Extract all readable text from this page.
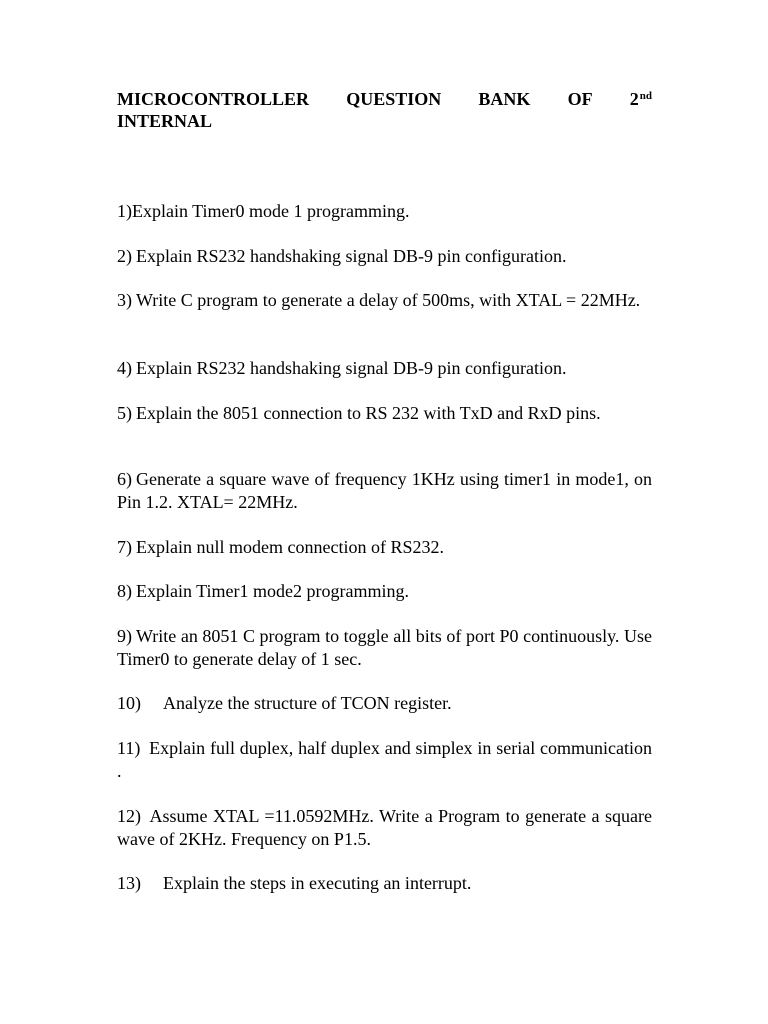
MICROCONTROLLER QUESTION BANK OF 2nd
INTERNAL

1)Explain Timer0 mode 1 programming.

2) Explain RS232 handshaking signal DB-9 pin configuration.

3) Write C program to generate a delay of 500ms, with XTAL = 22MHz.

4) Explain RS232 handshaking signal DB-9 pin configuration.

5) Explain the 8051 connection to RS 232 with TxD and RxD pins.

6) Generate a square wave of frequency 1KHz using timer1 in mode1, on Pin 1.2. XTAL= 22MHz.

7) Explain null modem connection of RS232.

8) Explain Timer1 mode2 programming.

9) Write an 8051 C program to toggle all bits of port P0 continuously. Use Timer0 to generate delay of 1 sec.

10) Analyze the structure of TCON register.

11) Explain full duplex, half duplex and simplex in serial communication .

12) Assume XTAL =11.0592MHz. Write a Program to generate a square wave of 2KHz. Frequency on P1.5.

13) Explain the steps in executing an interrupt.
